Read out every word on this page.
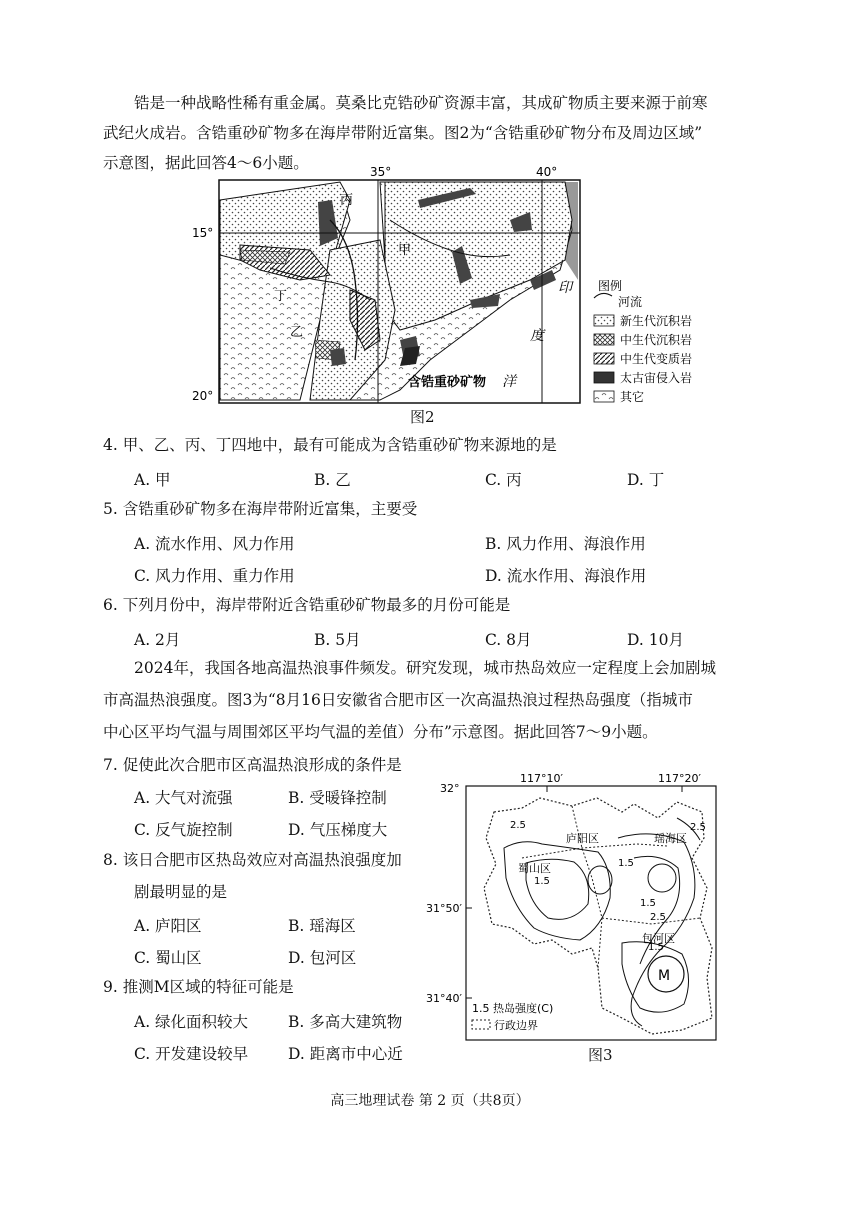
锆是一种战略性稀有重金属。莫桑比克锆砂矿资源丰富，其成矿物质主要来源于前寒
武纪火成岩。含锆重砂矿物多在海岸带附近富集。图2为“含锆重砂矿物分布及周边区域”
示意图，据此回答4～6小题。	35°	40°
15°
20°
丙
甲
丁
乙
印
度
洋
含锆重砂矿物
图例
河流
新生代沉积岩
中生代沉积岩
中生代变质岩
太古宙侵入岩
其它
图2
4. 甲、乙、丙、丁四地中，最有可能成为含锆重砂矿物来源地的是
A. 甲	B. 乙	C. 丙	D. 丁
5. 含锆重砂矿物多在海岸带附近富集，主要受
A. 流水作用、风力作用	B. 风力作用、海浪作用
C. 风力作用、重力作用	D. 流水作用、海浪作用
6. 下列月份中，海岸带附近含锆重砂矿物最多的月份可能是
A. 2月	B. 5月	C. 8月	D. 10月
2024年，我国各地高温热浪事件频发。研究发现，城市热岛效应一定程度上会加剧城
市高温热浪强度。图3为“8月16日安徽省合肥市区一次高温热浪过程热岛强度（指城市
中心区平均气温与周围郊区平均气温的差值）分布”示意图。据此回答7～9小题。
7. 促使此次合肥市区高温热浪形成的条件是
A. 大气对流强	B. 受暖锋控制
C. 反气旋控制	D. 气压梯度大
8. 该日合肥市区热岛效应对高温热浪强度加
剧最明显的是
A. 庐阳区	B. 瑶海区
C. 蜀山区	D. 包河区
9. 推测M区域的特征可能是
A. 绿化面积较大	B. 多高大建筑物
C. 开发建设较早	D. 距离市中心近
117°10′	117°20′
32°
31°50′
31°40′
庐阳区	瑶海区
蜀山区
包河区
M
2.5	2.5
1.5
1.5
2.5
1.5
1.5
1.5 热岛强度(C)
行政边界
图3
高三地理试卷 第 2 页（共8页）
